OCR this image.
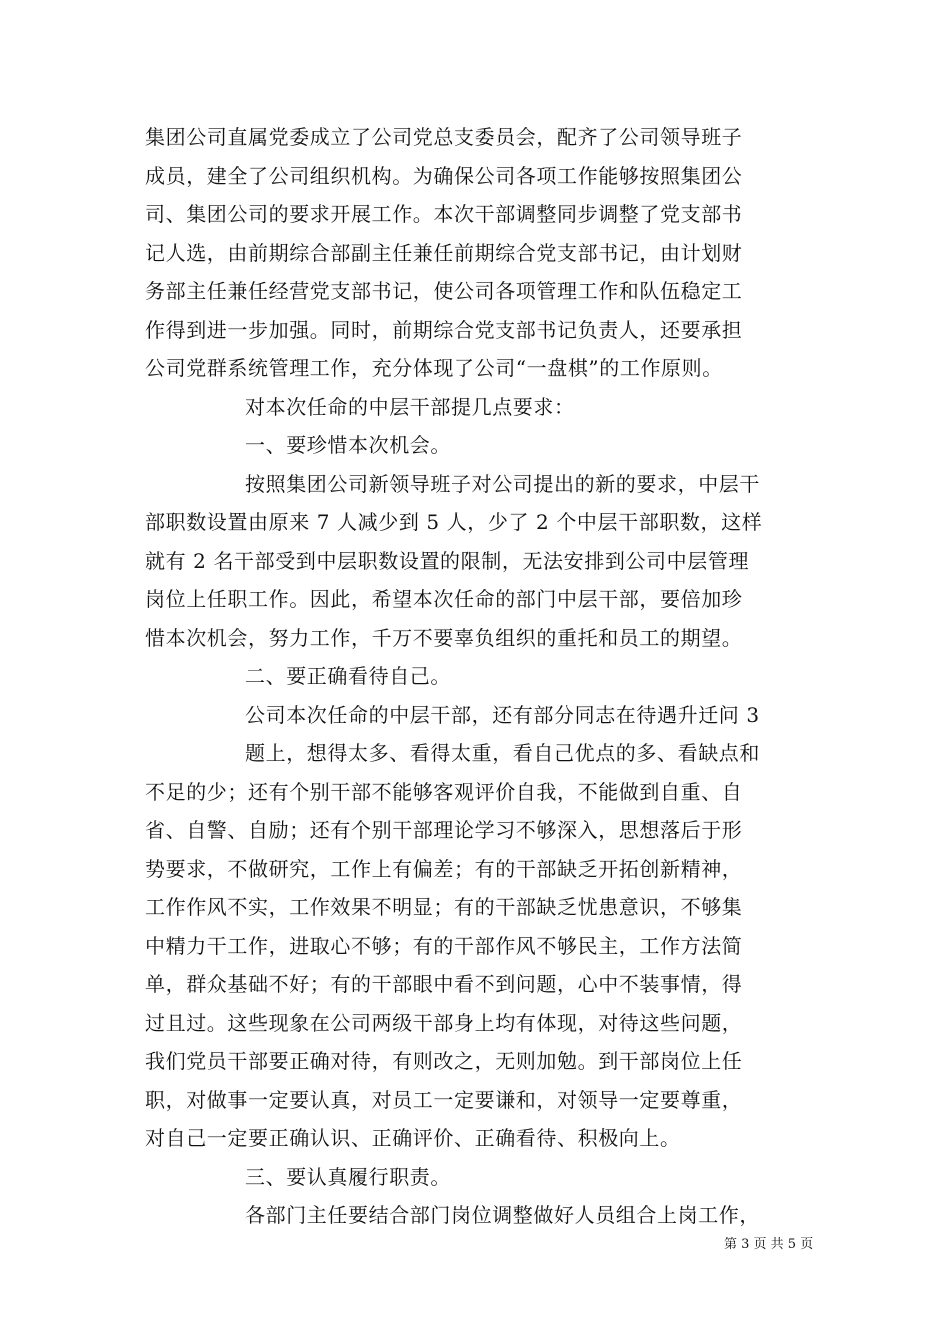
集团公司直属党委成立了公司党总支委员会，配齐了公司领导班子
成员，建全了公司组织机构。为确保公司各项工作能够按照集团公
司、集团公司的要求开展工作。本次干部调整同步调整了党支部书
记人选，由前期综合部副主任兼任前期综合党支部书记，由计划财
务部主任兼任经营党支部书记，使公司各项管理工作和队伍稳定工
作得到进一步加强。同时，前期综合党支部书记负责人，还要承担
公司党群系统管理工作，充分体现了公司“一盘棋”的工作原则。
对本次任命的中层干部提几点要求：
一、要珍惜本次机会。
按照集团公司新领导班子对公司提出的新的要求，中层干
部职数设置由原来 7 人减少到 5 人，少了 2 个中层干部职数，这样
就有 2 名干部受到中层职数设置的限制，无法安排到公司中层管理
岗位上任职工作。因此，希望本次任命的部门中层干部，要倍加珍
惜本次机会，努力工作，千万不要辜负组织的重托和员工的期望。
二、要正确看待自己。
公司本次任命的中层干部，还有部分同志在待遇升迁问 3
题上，想得太多、看得太重，看自己优点的多、看缺点和
不足的少；还有个别干部不能够客观评价自我，不能做到自重、自
省、自警、自励；还有个别干部理论学习不够深入，思想落后于形
势要求，不做研究，工作上有偏差；有的干部缺乏开拓创新精神，
工作作风不实，工作效果不明显；有的干部缺乏忧患意识，不够集
中精力干工作，进取心不够；有的干部作风不够民主，工作方法简
单，群众基础不好；有的干部眼中看不到问题，心中不装事情，得
过且过。这些现象在公司两级干部身上均有体现，对待这些问题，
我们党员干部要正确对待，有则改之，无则加勉。到干部岗位上任
职，对做事一定要认真，对员工一定要谦和，对领导一定要尊重，
对自己一定要正确认识、正确评价、正确看待、积极向上。
三、要认真履行职责。
各部门主任要结合部门岗位调整做好人员组合上岗工作，
第 3 页 共 5 页
